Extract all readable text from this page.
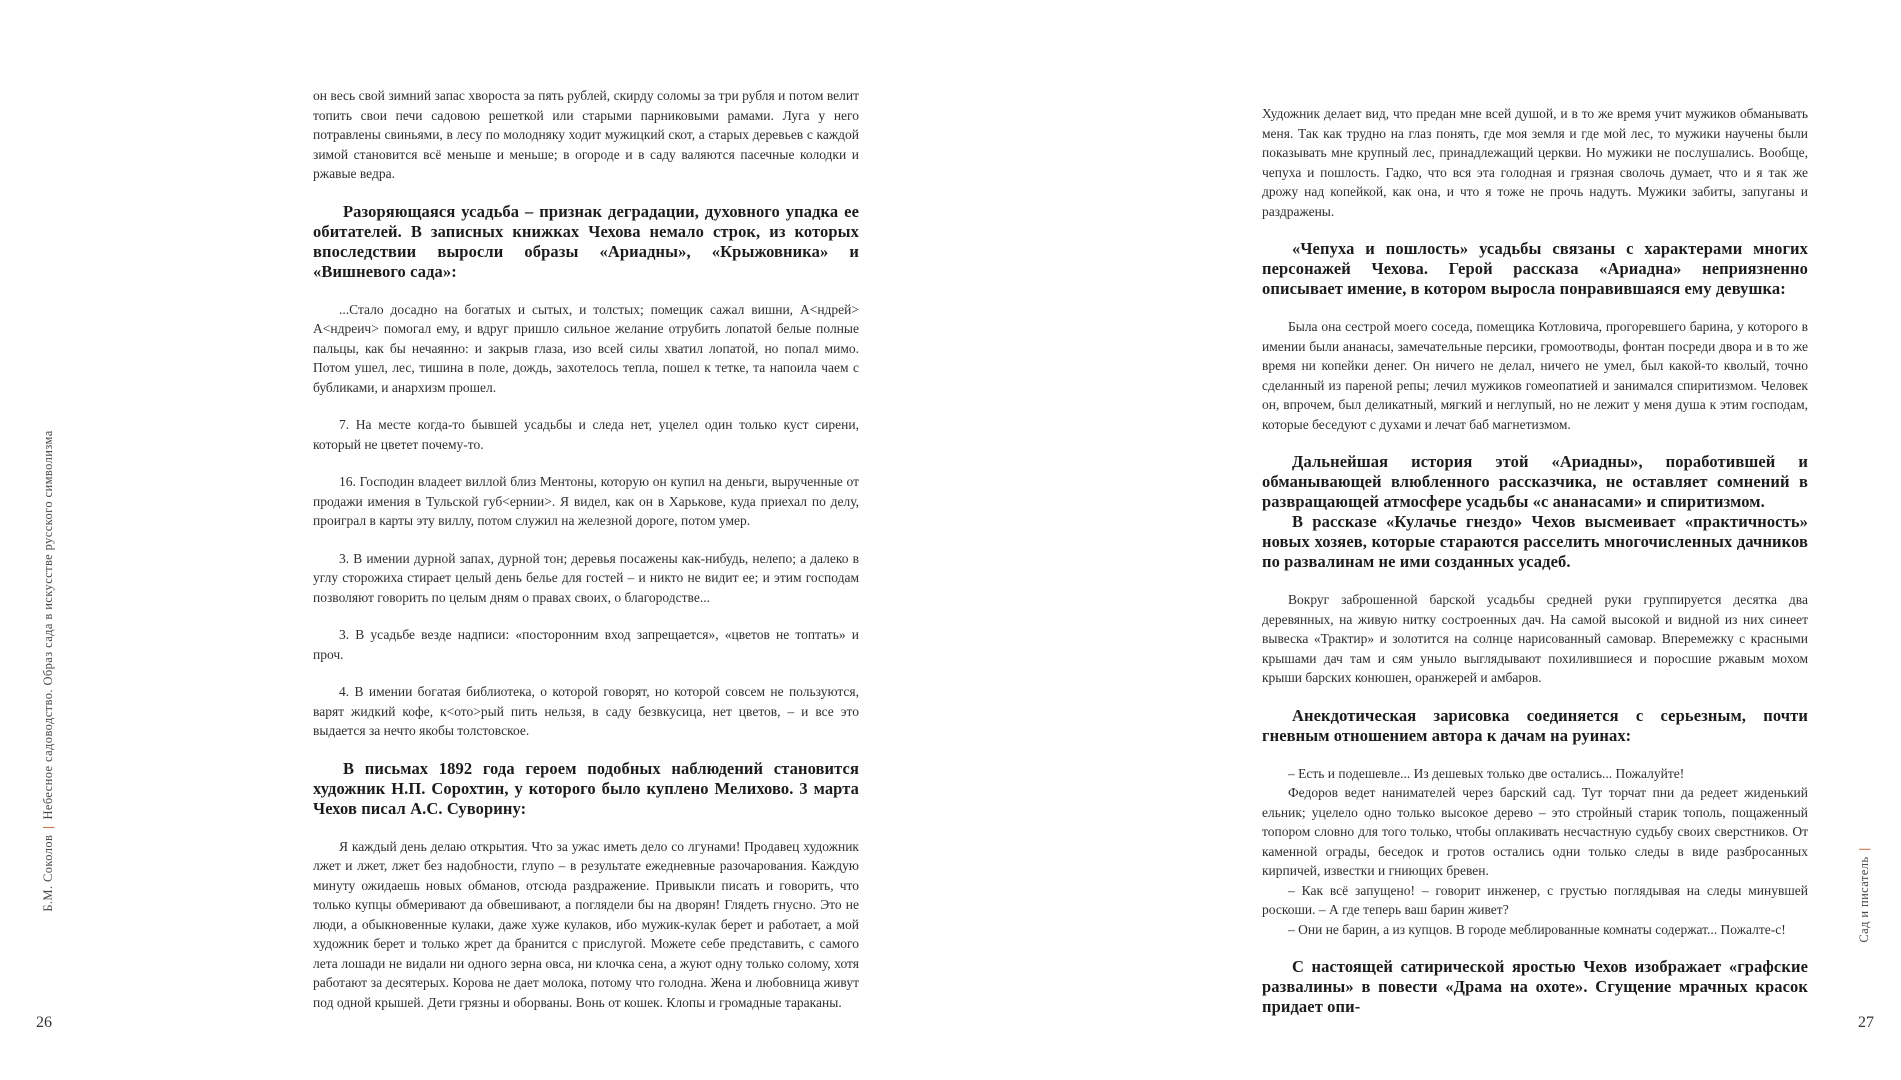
Б.М. Соколов|Небесное садоводство. Образ сада в искусстве русского символизма

он весь свой зимний запас хвороста за пять рублей, скирду соломы за три рубля и потом велит топить свои печи садовою решеткой или старыми парниковыми рамами. Луга у него потравлены свиньями, в лесу по молодняку ходит мужицкий скот, а старых деревьев с каждой зимой становится всё меньше и меньше; в огороде и в саду валяются пасечные колодки и ржавые ведра.

Разоряющаяся усадьба – признак деградации, духовного упадка ее обитателей. В записных книжках Чехова немало строк, из которых впоследствии выросли образы «Ариадны», «Крыжовника» и «Вишневого сада»:

...Стало досадно на богатых и сытых, и толстых; помещик сажал вишни, А<ндрей> А<ндреич> помогал ему, и вдруг пришло сильное желание отрубить лопатой белые полные пальцы, как бы нечаянно: и закрыв глаза, изо всей силы хватил лопатой, но попал мимо. Потом ушел, лес, тишина в поле, дождь, захотелось тепла, пошел к тетке, та напоила чаем с бубликами, и анархизм прошел.

7. На месте когда-то бывшей усадьбы и следа нет, уцелел один только куст сирени, который не цветет почему-то.

16. Господин владеет виллой близ Ментоны, которую он купил на деньги, вырученные от продажи имения в Тульской губ<ернии>. Я видел, как он в Харькове, куда приехал по делу, проиграл в карты эту виллу, потом служил на железной дороге, потом умер.

3. В имении дурной запах, дурной тон; деревья посажены как-нибудь, нелепо; а далеко в углу сторожиха стирает целый день белье для гостей – и никто не видит ее; и этим господам позволяют говорить по целым дням о правах своих, о благородстве...

3. В усадьбе везде надписи: «посторонним вход запрещается», «цветов не топтать» и проч.

4. В имении богатая библиотека, о которой говорят, но которой совсем не пользуются, варят жидкий кофе, к<ото>рый пить нельзя, в саду безвкусица, нет цветов, – и все это выдается за нечто якобы толстовское.

В письмах 1892 года героем подобных наблюдений становится художник Н.П. Сорохтин, у которого было куплено Мелихово. 3 марта Чехов писал А.С. Суворину:

Я каждый день делаю открытия. Что за ужас иметь дело со лгунами! Продавец художник лжет и лжет, лжет без надобности, глупо – в результате ежедневные разочарования. Каждую минуту ожидаешь новых обманов, отсюда раздражение. Привыкли писать и говорить, что только купцы обмеривают да обвешивают, а поглядели бы на дворян! Глядеть гнусно. Это не люди, а обыкновенные кулаки, даже хуже кулаков, ибо мужик-кулак берет и работает, а мой художник берет и только жрет да бранится с прислугой. Можете себе представить, с самого лета лошади не видали ни одного зерна овса, ни клочка сена, а жуют одну только солому, хотя работают за десятерых. Корова не дает молока, потому что голодна. Жена и любовница живут под одной крышей. Дети грязны и оборваны. Вонь от кошек. Клопы и громадные тараканы.

Художник делает вид, что предан мне всей душой, и в то же время учит мужиков обманывать меня. Так как трудно на глаз понять, где моя земля и где мой лес, то мужики научены были показывать мне крупный лес, принадлежащий церкви. Но мужики не послушались. Вообще, чепуха и пошлость. Гадко, что вся эта голодная и грязная сволочь думает, что и я так же дрожу над копейкой, как она, и что я тоже не прочь надуть. Мужики забиты, запуганы и раздражены.

«Чепуха и пошлость» усадьбы связаны с характерами многих персонажей Чехова. Герой рассказа «Ариадна» неприязненно описывает имение, в котором выросла понравившаяся ему девушка:

Была она сестрой моего соседа, помещика Котловича, прогоревшего барина, у которого в имении были ананасы, замечательные персики, громоотводы, фонтан посреди двора и в то же время ни копейки денег. Он ничего не делал, ничего не умел, был какой-то кволый, точно сделанный из пареной репы; лечил мужиков гомеопатией и занимался спиритизмом. Человек он, впрочем, был деликатный, мягкий и неглупый, но не лежит у меня душа к этим господам, которые беседуют с духами и лечат баб магнетизмом.

Дальнейшая история этой «Ариадны», поработившей и обманывающей влюбленного рассказчика, не оставляет сомнений в развращающей атмосфере усадьбы «с ананасами» и спиритизмом.

В рассказе «Кулачье гнездо» Чехов высмеивает «практичность» новых хозяев, которые стараются расселить многочисленных дачников по развалинам не ими созданных усадеб.

Вокруг заброшенной барской усадьбы средней руки группируется десятка два деревянных, на живую нитку состроенных дач. На самой высокой и видной из них синеет вывеска «Трактир» и золотится на солнце нарисованный самовар. Вперемежку с красными крышами дач там и сям уныло выглядывают похилившиеся и поросшие ржавым мохом крыши барских конюшен, оранжерей и амбаров.

Анекдотическая зарисовка соединяется с серьезным, почти гневным отношением автора к дачам на руинах:

– Есть и подешевле... Из дешевых только две остались... Пожалуйте!

Федоров ведет нанимателей через барский сад. Тут торчат пни да редеет жиденький ельник; уцелело одно только высокое дерево – это стройный старик тополь, пощаженный топором словно для того только, чтобы оплакивать несчастную судьбу своих сверстников. От каменной ограды, беседок и гротов остались одни только следы в виде разбросанных кирпичей, известки и гниющих бревен.

– Как всё запущено! – говорит инженер, с грустью поглядывая на следы минувшей роскоши. – А где теперь ваш барин живет?

– Они не барин, а из купцов. В городе меблированные комнаты содержат... Пожалте-с!

С настоящей сатирической яростью Чехов изображает «графские развалины» в повести «Драма на охоте». Сгущение мрачных красок придает опи-

Сад и писатель|
26	27
